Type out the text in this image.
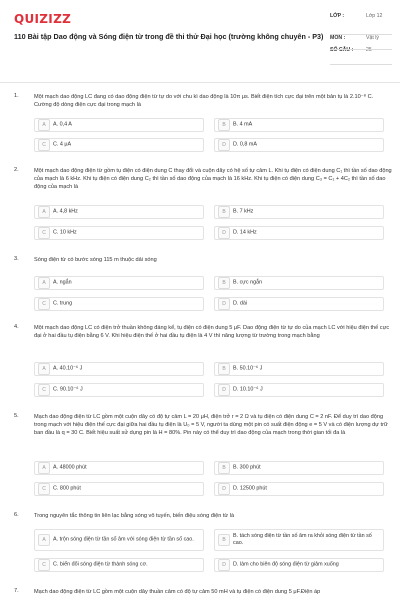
QUIZIZZ
110 Bài tập Dao động và Sóng điện từ trong đề thi thử Đại học (trường không chuyên - P3)
LỚP :	Lớp 12
MÔN :	Vật lý
SỐ CÂU : 25
1.	Một mạch dao động LC đang có dao động điện từ tự do với chu kì dao động là 10π μs. Biết điện tích cực đại trên một bản tụ là 2.10⁻⁸ C. Cường độ dòng điện cực đại trong mạch là
A	A. 0,4 A	B	B. 4 mA
C	C. 4 μA	D	D. 0,8 mA
2.	Một mạch dao động điện từ gồm tụ điện có điện dung C thay đổi và cuộn dây có hệ số tự cảm L. Khi tụ điện có điện dung C₁ thì tần số dao động của mạch là 6 kHz. Khi tụ điện có điện dung C₂ thì tần số dao động của mạch là 16 kHz. Khi tụ điện có điện dung C₃ = C₁ + 4C₂ thì tần số dao động của mạch là
A	A. 4,8 kHz	B	B. 7 kHz
C	C. 10 kHz	D	D. 14 kHz
3.	Sóng điện từ có bước sóng 115 m thuộc dải sóng
A	A. ngắn	B	B. cực ngắn
C	C. trung	D	D. dài
4.	Một mạch dao động LC có điện trở thuần không đáng kể, tụ điện có điện dung 5 μF. Dao động điện từ tự do của mạch LC với hiệu điện thế cực đại ở hai đầu tụ điện bằng 6 V. Khi hiệu điện thế ở hai đầu tụ điện là 4 V thì năng lượng từ trường trong mạch bằng
A	A. 40.10⁻⁶ J	B	B. 50.10⁻⁶ J
C	C. 90.10⁻⁶ J	D	D. 10.10⁻⁶ J
5.	Mạch dao động điện từ LC gồm một cuộn dây có độ tự cảm L = 20 μH, điện trở r = 2 Ω và tụ điện có điện dung C = 2 nF. Để duy trì dao động trong mạch với hiệu điện thế cực đại giữa hai đầu tụ điện là U₀ = 5 V, người ta dùng một pin có suất điện động e = 5 V và có điện lượng dự trữ ban đầu là q = 30 C. Biết hiệu suất sử dụng pin là H = 80%. Pin này có thể duy trì dao động của mạch trong thời gian tối đa là
A	A. 48000 phút	B	B. 300 phút
C	C. 800 phút	D	D. 12500 phút
6.	Trong nguyên tắc thông tin liên lạc bằng sóng vô tuyến, biến điệu sóng điện từ là
A	A. trộn sóng điện từ tần số âm với sóng điện từ tần số cao.	B
B. tách sóng điện từ tần số âm ra khỏi sóng điện từ tần số cao.
C	C. biến đổi sóng điện từ thành sóng cơ.	D	D. làm cho biên độ sóng điện từ giảm xuống
7.	Mạch dao động điện từ LC gồm một cuộn dây thuần cảm có độ tự cảm 50 mH và tụ điện có điện dung 5 μF.Điện áp
